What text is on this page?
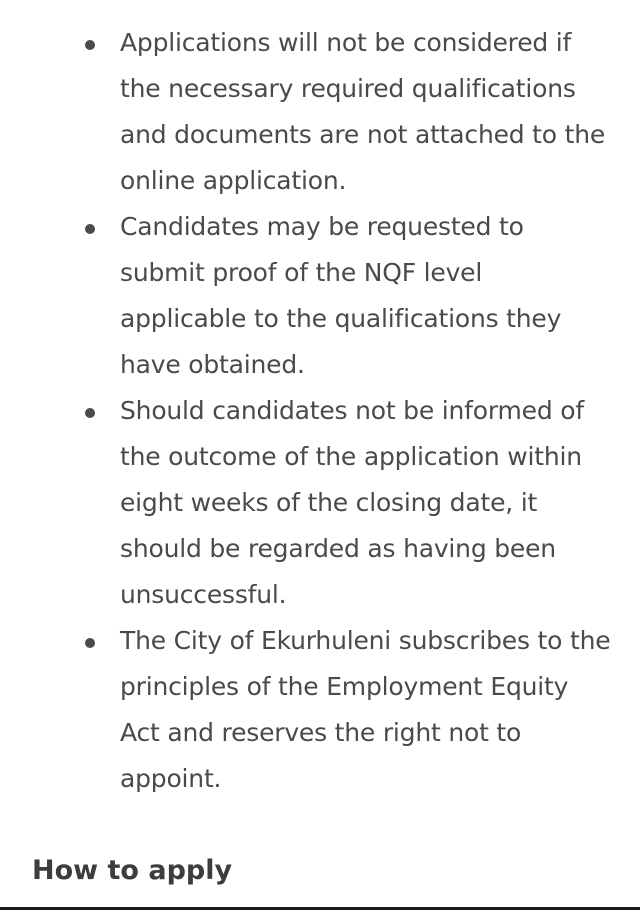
Applications will not be considered if the necessary required qualifications and documents are not attached to the online application.
Candidates may be requested to submit proof of the NQF level applicable to the qualifications they have obtained.
Should candidates not be informed of the outcome of the application within eight weeks of the closing date, it should be regarded as having been unsuccessful.
The City of Ekurhuleni subscribes to the principles of the Employment Equity Act and reserves the right not to appoint.
How to apply
